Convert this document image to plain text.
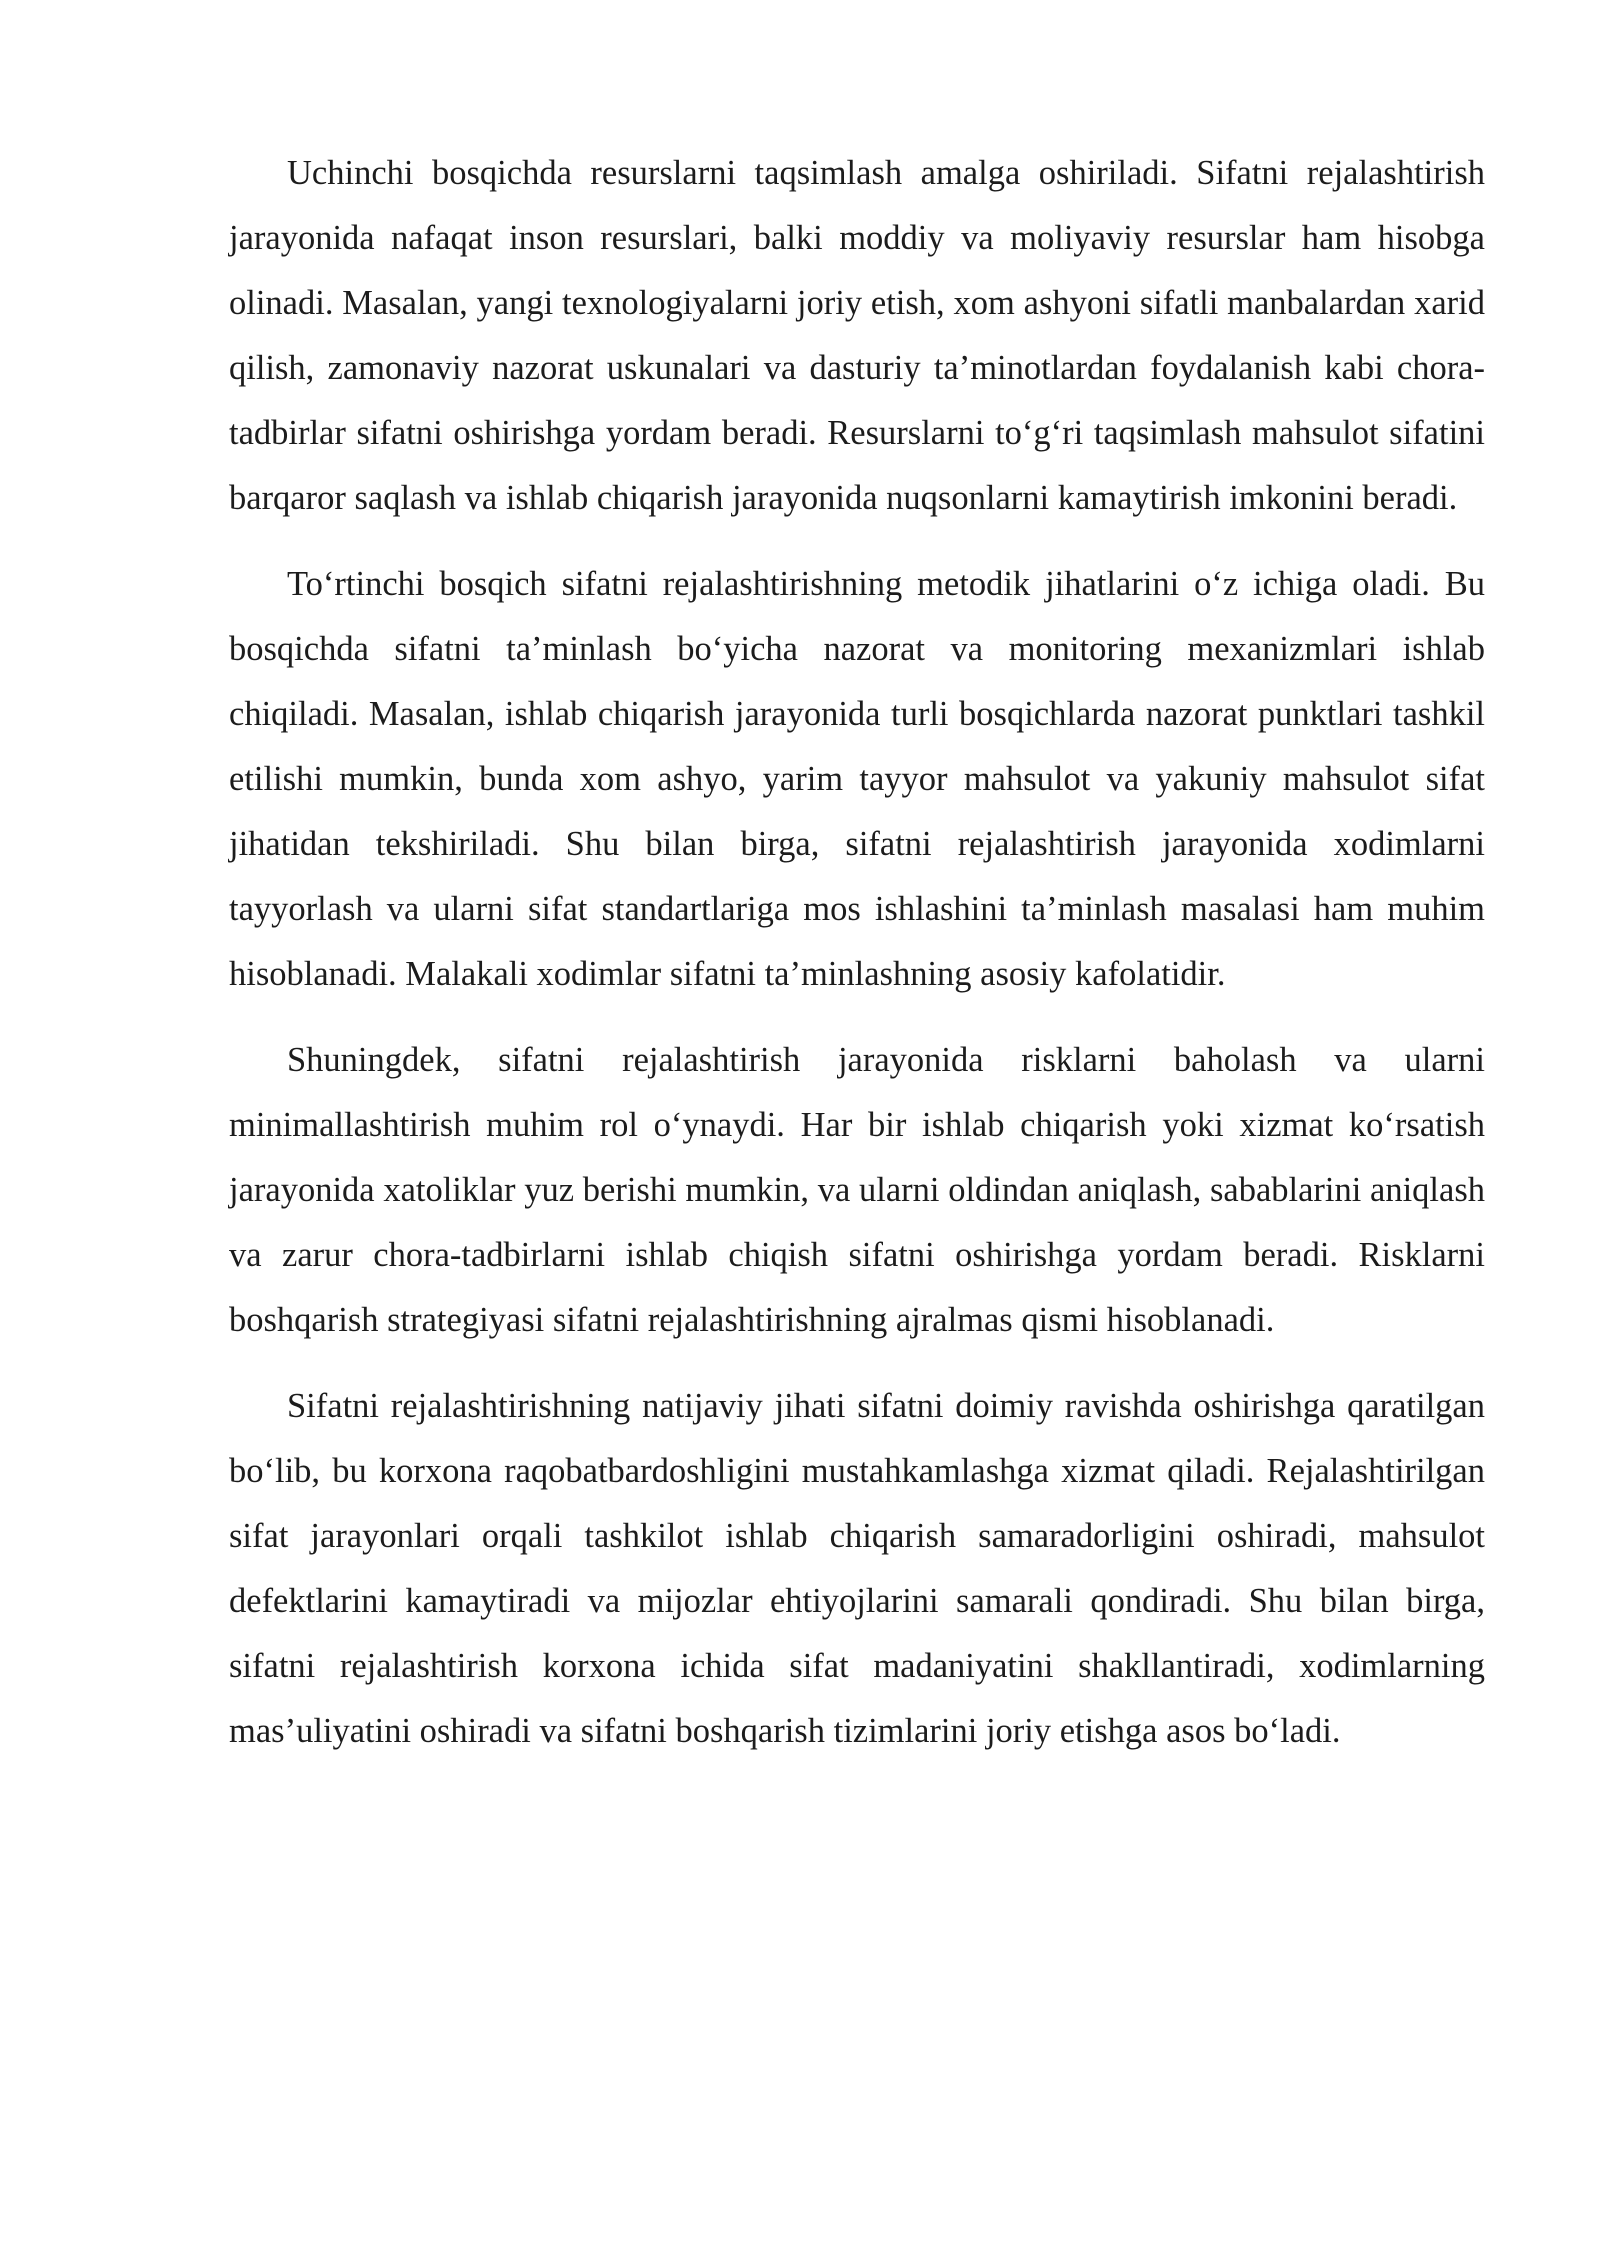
Uchinchi bosqichda resurslarni taqsimlash amalga oshiriladi. Sifatni rejalashtirish jarayonida nafaqat inson resurslari, balki moddiy va moliyaviy resurslar ham hisobga olinadi. Masalan, yangi texnologiyalarni joriy etish, xom ashyoni sifatli manbalardan xarid qilish, zamonaviy nazorat uskunalari va dasturiy ta’minotlardan foydalanish kabi chora-tadbirlar sifatni oshirishga yordam beradi. Resurslarni to‘g‘ri taqsimlash mahsulot sifatini barqaror saqlash va ishlab chiqarish jarayonida nuqsonlarni kamaytirish imkonini beradi.

To‘rtinchi bosqich sifatni rejalashtirishning metodik jihatlarini o‘z ichiga oladi. Bu bosqichda sifatni ta’minlash bo‘yicha nazorat va monitoring mexanizmlari ishlab chiqiladi. Masalan, ishlab chiqarish jarayonida turli bosqichlarda nazorat punktlari tashkil etilishi mumkin, bunda xom ashyo, yarim tayyor mahsulot va yakuniy mahsulot sifat jihatidan tekshiriladi. Shu bilan birga, sifatni rejalashtirish jarayonida xodimlarni tayyorlash va ularni sifat standartlariga mos ishlashini ta’minlash masalasi ham muhim hisoblanadi. Malakali xodimlar sifatni ta’minlashning asosiy kafolatidir.

Shuningdek, sifatni rejalashtirish jarayonida risklarni baholash va ularni minimallashtirish muhim rol o‘ynaydi. Har bir ishlab chiqarish yoki xizmat ko‘rsatish jarayonida xatoliklar yuz berishi mumkin, va ularni oldindan aniqlash, sabablarini aniqlash va zarur chora-tadbirlarni ishlab chiqish sifatni oshirishga yordam beradi. Risklarni boshqarish strategiyasi sifatni rejalashtirishning ajralmas qismi hisoblanadi.

Sifatni rejalashtirishning natijaviy jihati sifatni doimiy ravishda oshirishga qaratilgan bo‘lib, bu korxona raqobatbardoshligini mustahkamlashga xizmat qiladi. Rejalashtirilgan sifat jarayonlari orqali tashkilot ishlab chiqarish samaradorligini oshiradi, mahsulot defektlarini kamaytiradi va mijozlar ehtiyojlarini samarali qondiradi. Shu bilan birga, sifatni rejalashtirish korxona ichida sifat madaniyatini shakllantiradi, xodimlarning mas’uliyatini oshiradi va sifatni boshqarish tizimlarini joriy etishga asos bo‘ladi.
